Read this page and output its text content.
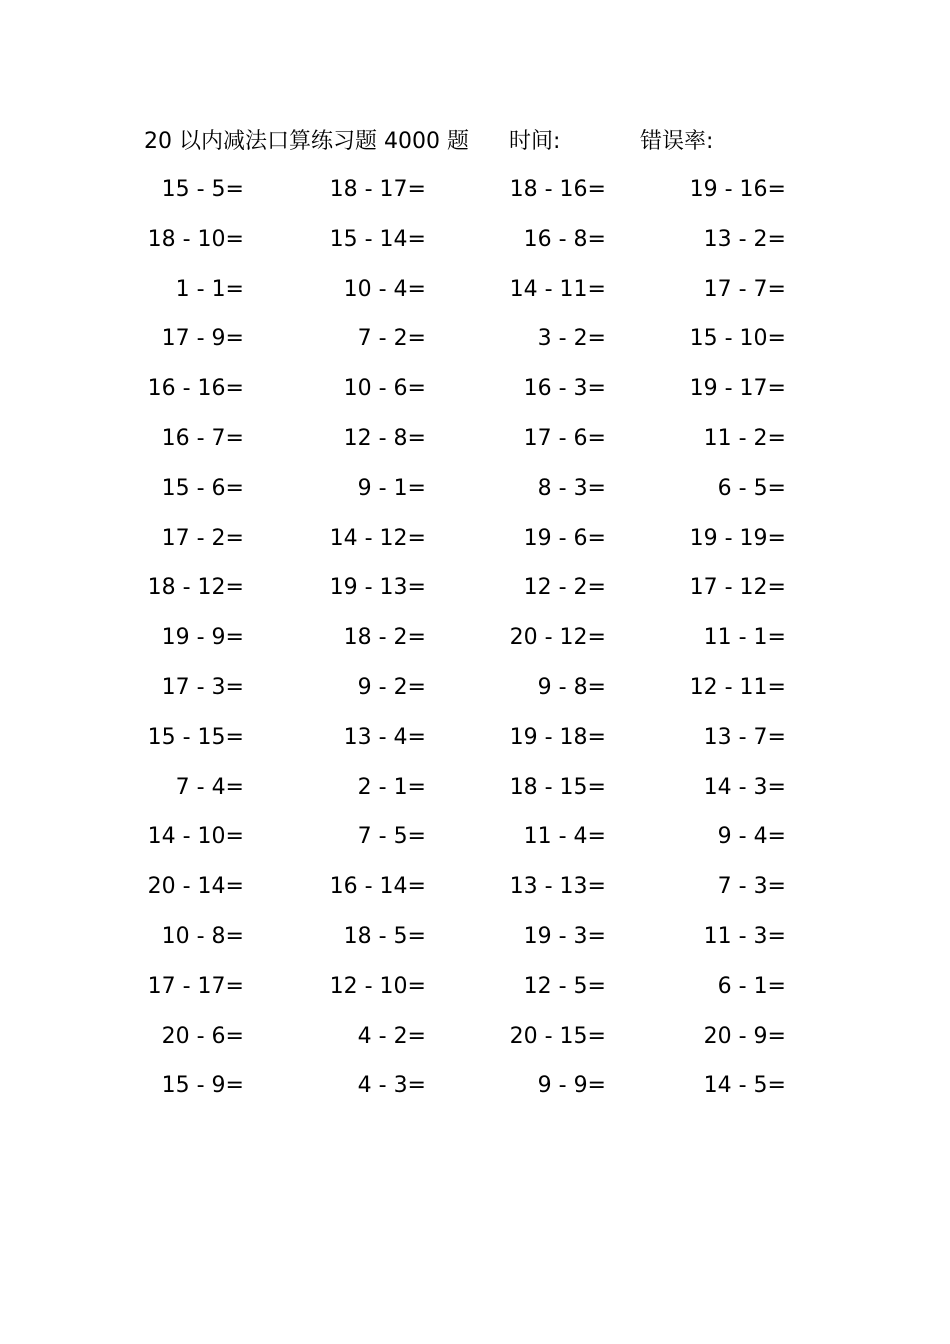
20 以内减法口算练习题 4000 题 时间:	错误率:
15 - 5=	18 - 17=	18 - 16=	19 - 16=
18 - 10=	15 - 14=	16 - 8=	13 - 2=
1 - 1=	10 - 4=	14 - 11=	17 - 7=
17 - 9=	7 - 2=	3 - 2=	15 - 10=
16 - 16=	10 - 6=	16 - 3=	19 - 17=
16 - 7=	12 - 8=	17 - 6=	11 - 2=
15 - 6=	9 - 1=	8 - 3=	6 - 5=
17 - 2=	14 - 12=	19 - 6=	19 - 19=
18 - 12=	19 - 13=	12 - 2=	17 - 12=
19 - 9=	18 - 2=	20 - 12=	11 - 1=
17 - 3=	9 - 2=	9 - 8=	12 - 11=
15 - 15=	13 - 4=	19 - 18=	13 - 7=
7 - 4=	2 - 1=	18 - 15=	14 - 3=
14 - 10=	7 - 5=	11 - 4=	9 - 4=
20 - 14=	16 - 14=	13 - 13=	7 - 3=
10 - 8=	18 - 5=	19 - 3=	11 - 3=
17 - 17=	12 - 10=	12 - 5=	6 - 1=
20 - 6=	4 - 2=	20 - 15=	20 - 9=
15 - 9=	4 - 3=	9 - 9=	14 - 5=
